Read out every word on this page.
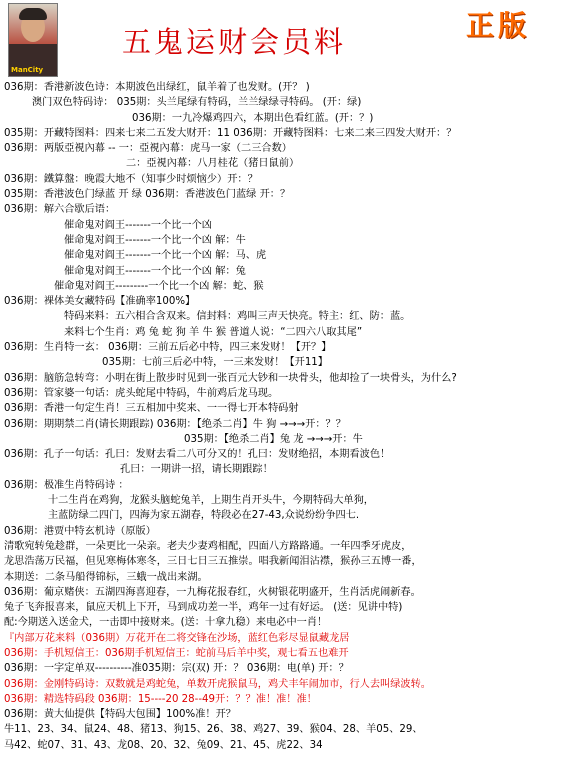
ManCity
五鬼运财会员料	正版
036期：香港新波色诗：本期波色出绿红，鼠羊着了也发财。(开？ )
澳门双色特码诗： 035期：头兰尾绿有特码，兰兰绿绿寻特码。 (开：绿)
036期：一九冷爆鸡四六，本期出色看红蓝。(开：？)
035期：开藏特图料：四来七来二五发大财开：11 036期：开藏特图料：七来二来三四发大财开：？
036期：两版亞視內幕 -- 一：亞視內幕：虎马一家（二三合数）
二：亞視內幕：八月桂花（猪日鼠前）
036期：鐵算盤：晚霞大地不（知事少时烦恼少）开：？
035期：香港波色门绿蓝 开 绿 036期：香港波色门蓝绿 开：？
036期：解六合歇后语：
催命鬼对阎王-------一个比一个凶
催命鬼对阎王-------一个比一个凶 解：牛
催命鬼对阎王-------一个比一个凶 解：马、虎
催命鬼对阎王-------一个比一个凶 解：兔
催命鬼对阎王---------一个比一个凶 解：蛇、猴
036期：裸体美女藏特码【准确率100%】
特码来料：五六相合含双来。信封料：鸡叫三声天快亮。特主：红、防：蓝。
来料七个生肖：鸡 兔 蛇 狗 羊 牛 猴 普道人说：“二四六八取其尾”
036期：生肖特一玄： 036期：三前五后必中特，四三来发财！【开？】
035期：七前三后必中特，一三来发财！【开11】
036期：脑筋急转弯：小明在街上散步时见到一张百元大钞和一块骨头，他却捡了一块骨头，为什么?
036期：管家婆一句话：虎头蛇尾中特码，牛前鸡后龙马现。
036期：香港一句定生肖！三五相加中奖来、一一得七开本特码射
036期：期期禁二肖(请长期跟踪) 036期：【绝杀二肖】牛 狗 →→→开：？？
035期：【绝杀二肖】兔 龙 →→→开：牛
036期：孔子一句话：孔曰：发财去看二八可分又的！孔曰：发财绝招，本期看波色！
孔曰：一期讲一招，请长期跟踪！
036期：极准生肖特码诗 ：
十二生肖在鸡狗，龙猴头脑蛇兔羊，上期生肖开头牛，今期特码大单狗，
主蓝防绿二四门，四海为家五湖春，特段必在27-43,众说纷纷争四七.
036期：港贾中特玄机诗（原版）
清歌宛转兔趁群，一朵更比一朵亲。老夫少妻鸡相配，四面八方路路通。一年四季牙虎皮，
龙思浩荡万民福，但见寒梅体寒冬，三日七日三五推崇。唱我新闻泪沾襟，猴孙三五博一番，
本期送：二条马船得锦标，三蛾一战出来湖。
036期：葡京赌侠：五湖四海喜迎春，一九梅花报春红，火树银花明盛开，生肖活虎闹新春。
兔子飞奔报喜来，鼠应天机上下开，马到成功差一半，鸡年一过有好运。 (送：见讲中特)
配:今期送入送金犬，一击即中接财来。(送：十拿九稳）来电必中一肖！
『内部万花来料（036期）万花开在二将交锋在沙场，蓝红色彩尽显鼠藏龙居
036期：手机短信王：036期手机短信王：蛇前马后羊中奖，观七看五也难开
036期：一字定单双----------准035期：宗(双) 开：？ 036期：电(单) 开：？
036期：金刚特码诗：双数就是鸡蛇兔，单数开虎猴鼠马，鸡犬丰年闹加市，行人去叫绿波转。
036期：精选特码段 036期：15----20 28--49开：？？准！准！准！
036期：黄大仙提供【特码大包围】100%准！开？
牛11、23、34、鼠24、48、猪13、狗15、26、38、鸡27、39、猴04、28、羊05、29、
马42、蛇07、31、43、龙08、20、32、兔09、21、45、虎22、34
